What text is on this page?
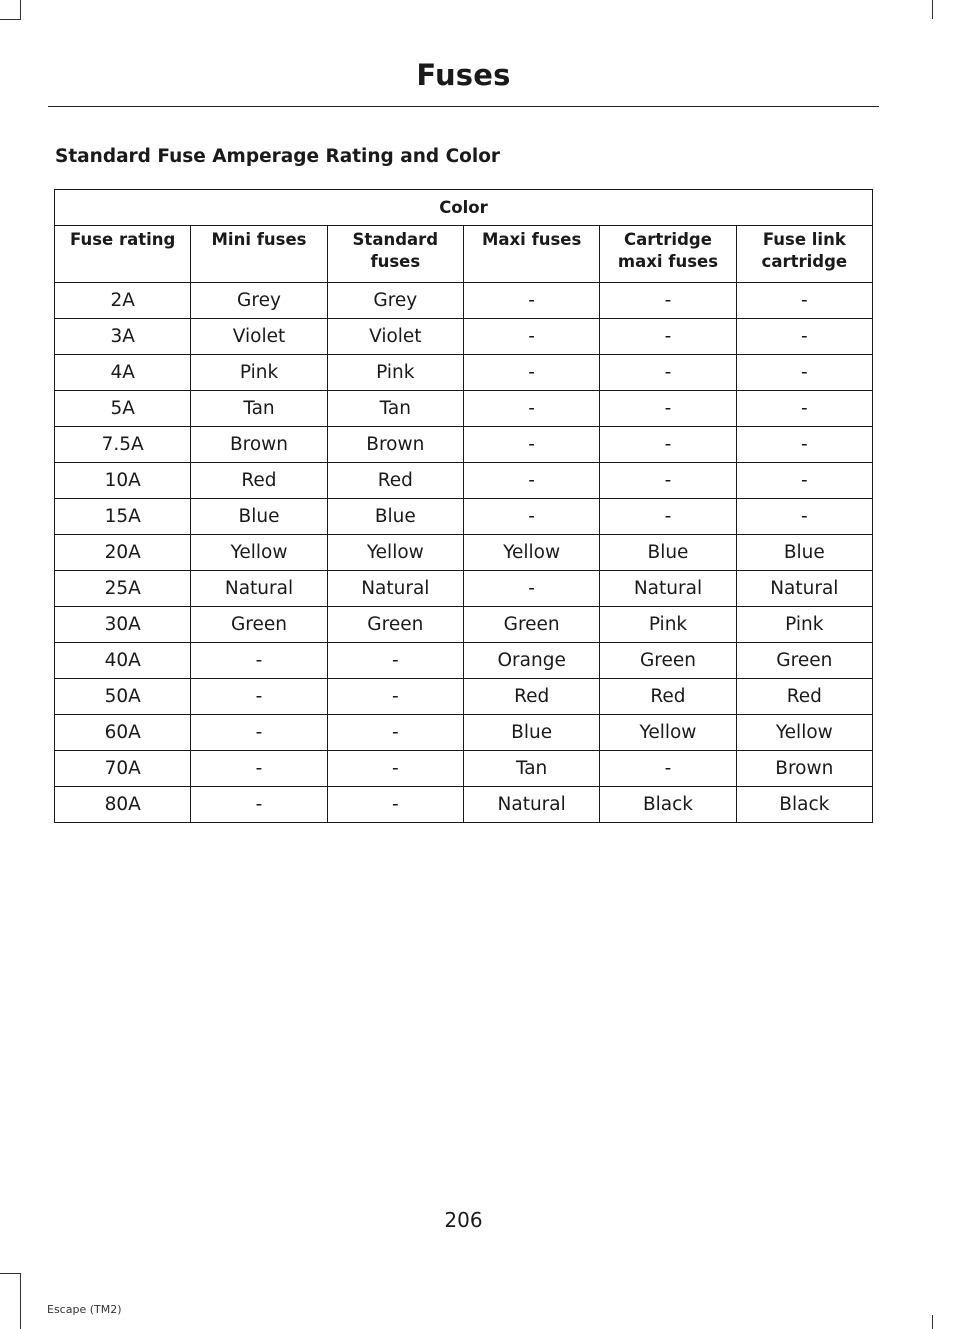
Fuses
Standard Fuse Amperage Rating and Color
Color					
Fuse rating	Mini fuses	Standard fuses	Maxi fuses	Cartridge maxi fuses	Fuse link cartridge
2A	Grey	Grey	-	-	-
3A	Violet	Violet	-	-	-
4A	Pink	Pink	-	-	-
5A	Tan	Tan	-	-	-
7.5A	Brown	Brown	-	-	-
10A	Red	Red	-	-	-
15A	Blue	Blue	-	-	-
20A	Yellow	Yellow	Yellow	Blue	Blue
25A	Natural	Natural	-	Natural	Natural
30A	Green	Green	Green	Pink	Pink
40A	-	-	Orange	Green	Green
50A	-	-	Red	Red	Red
60A	-	-	Blue	Yellow	Yellow
70A	-	-	Tan	-	Brown
80A	-	-	Natural	Black	Black
206
Escape (TM2)
